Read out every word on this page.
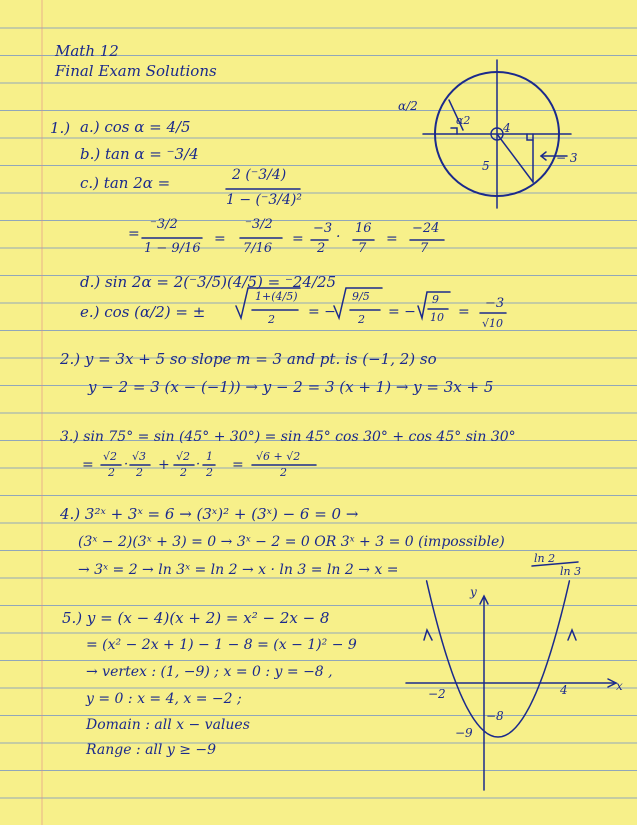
Math 12
Final Exam Solutions
1.) a.) cos α = 4/5
b.) tan α = ⁻3/4
c.) tan 2α =	2 (⁻3/4)
1 − (⁻3/4)²
=
⁻3/2
1 − 9/16
=
⁻3/2
7/16
=
−3
2
·
16
7
=
−24
7
d.) sin 2α = 2(⁻3/5)(4/5) = ⁻24/25
e.) cos (α/2) = ±
1+(4/5)
2 = −
9/5
2 = −
9
10 =
−3
√10
α/2
α2
4
5
− 3
2.) y = 3x + 5 so slope m = 3 and pt. is (−1, 2) so
y − 2 = 3 (x − (−1)) → y − 2 = 3 (x + 1) → y = 3x + 5
3.) sin 75° = sin (45° + 30°) = sin 45° cos 30° + cos 45° sin 30°
=
√2
2
·
√3
2 +
√2
2
·
1
2 =
√6 + √2
2
4.) 3²ˣ + 3ˣ = 6 → (3ˣ)² + (3ˣ) − 6 = 0 →
(3ˣ − 2)(3ˣ + 3) = 0 → 3ˣ − 2 = 0 OR 3ˣ + 3 = 0 (impossible)
→ 3ˣ = 2 → ln 3ˣ = ln 2 → x · ln 3 = ln 2 → x =
ln 2
ln 3
5.) y = (x − 4)(x + 2) = x² − 2x − 8
= (x² − 2x + 1) − 1 − 8 = (x − 1)² − 9
→ vertex : (1, −9) ; x = 0 : y = −8 ,
y = 0 : x = 4, x = −2 ;
Domain : all x − values
Range : all y ≥ −9
y
x
−2	4
−8
−9
